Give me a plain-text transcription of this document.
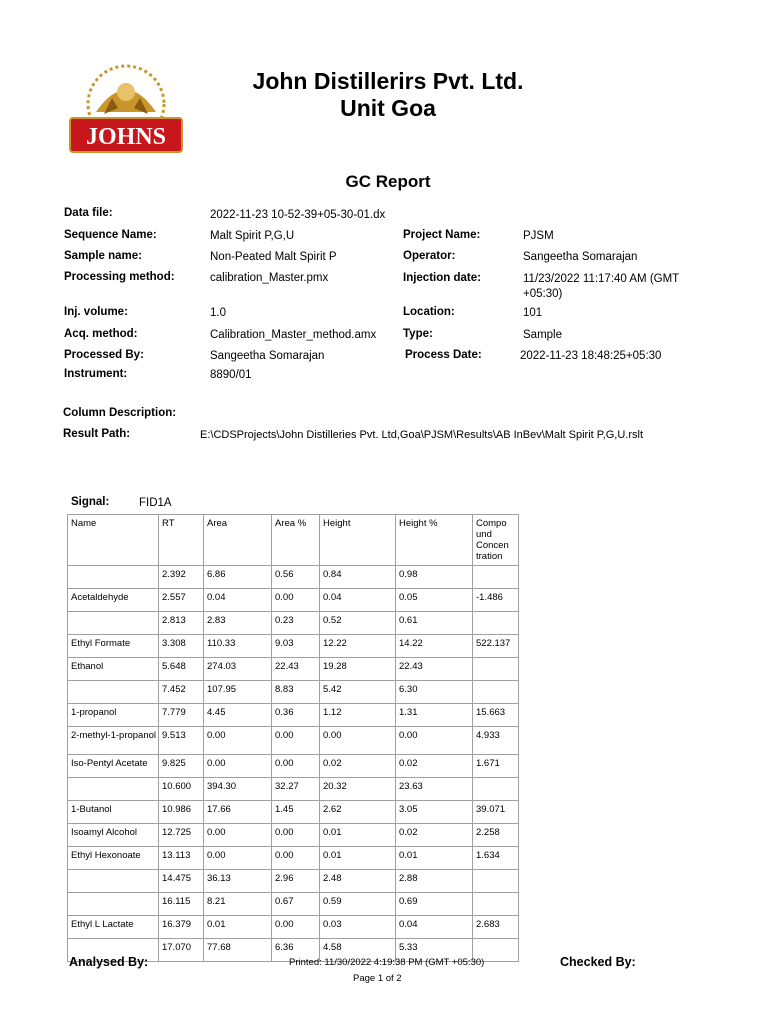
JOHNS
John Distillerirs Pvt. Ltd.
Unit Goa
GC Report
Data file:	2022-11-23 10-52-39+05-30-01.dx
Sequence Name:	Malt Spirit P,G,U	Project Name:	PJSM
Sample name:	Non-Peated Malt Spirit P	Operator:	Sangeetha Somarajan
Processing method:	calibration_Master.pmx	Injection date:	11/23/2022 11:17:40 AM (GMT +05:30)
Inj. volume:	1.0	Location:	101
Acq. method:	Calibration_Master_method.amx Type:	Sample
Processed By:	Sangeetha Somarajan	Process Date:	2022-11-23 18:48:25+05:30
Instrument:	8890/01
Column Description:
Result Path:	E:\CDSProjects\John Distilleries Pvt. Ltd,Goa\PJSM\Results\AB InBev\Malt Spirit P,G,U.rslt
Signal:	FID1A
Name	RT	Area	Area %	Height	Height %	Compo und Concen tration
	2.392	6.86	0.56	0.84	0.98	
Acetaldehyde	2.557	0.04	0.00	0.04	0.05	-1.486
	2.813	2.83	0.23	0.52	0.61	
Ethyl Formate	3.308	110.33	9.03	12.22	14.22	522.137
Ethanol	5.648	274.03	22.43	19.28	22.43	
	7.452	107.95	8.83	5.42	6.30	
1-propanol	7.779	4.45	0.36	1.12	1.31	15.663
2-methyl-1-propanol	9.513	0.00	0.00	0.00	0.00	4.933
Iso-Pentyl Acetate	9.825	0.00	0.00	0.02	0.02	1.671
	10.600	394.30	32.27	20.32	23.63	
1-Butanol	10.986	17.66	1.45	2.62	3.05	39.071
Isoamyl Alcohol	12.725	0.00	0.00	0.01	0.02	2.258
Ethyl Hexonoate	13.113	0.00	0.00	0.01	0.01	1.634
	14.475	36.13	2.96	2.48	2.88	
	16.115	8.21	0.67	0.59	0.69	
Ethyl L Lactate	16.379	0.01	0.00	0.03	0.04	2.683
	17.070	77.68	6.36	4.58	5.33	
Analysed By:	Printed: 11/30/2022 4:19:38 PM (GMT +05:30)	Checked By:
Page 1 of 2
